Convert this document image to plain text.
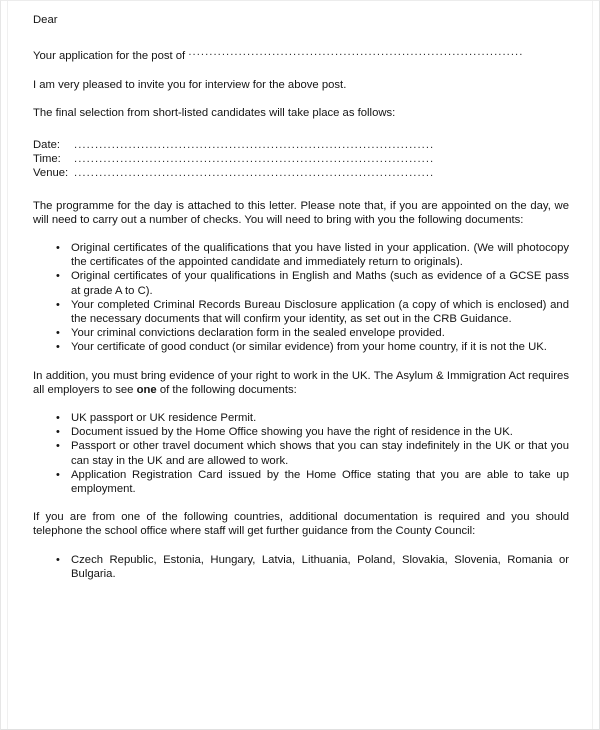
Dear

Your application for the post of ................................................................................

I am very pleased to invite you for interview for the above post.

The final selection from short-listed candidates will take place as follows:

Date:	......................................................................................
Time:	......................................................................................
Venue: ......................................................................................

The programme for the day is attached to this letter. Please note that, if you are appointed on the day, we will need to carry out a number of checks. You will need to bring with you the following documents:

• Original certificates of the qualifications that you have listed in your application. (We will photocopy the certificates of the appointed candidate and immediately return to originals).
• Original certificates of your qualifications in English and Maths (such as evidence of a GCSE pass at grade A to C).
• Your completed Criminal Records Bureau Disclosure application (a copy of which is enclosed) and the necessary documents that will confirm your identity, as set out in the CRB Guidance.
• Your criminal convictions declaration form in the sealed envelope provided.
• Your certificate of good conduct (or similar evidence) from your home country, if it is not the UK.

In addition, you must bring evidence of your right to work in the UK. The Asylum & Immigration Act requires all employers to see one of the following documents:

• UK passport or UK residence Permit.
• Document issued by the Home Office showing you have the right of residence in the UK.
• Passport or other travel document which shows that you can stay indefinitely in the UK or that you can stay in the UK and are allowed to work.
• Application Registration Card issued by the Home Office stating that you are able to take up employment.

If you are from one of the following countries, additional documentation is required and you should telephone the school office where staff will get further guidance from the County Council:

• Czech Republic, Estonia, Hungary, Latvia, Lithuania, Poland, Slovakia, Slovenia, Romania or Bulgaria.
